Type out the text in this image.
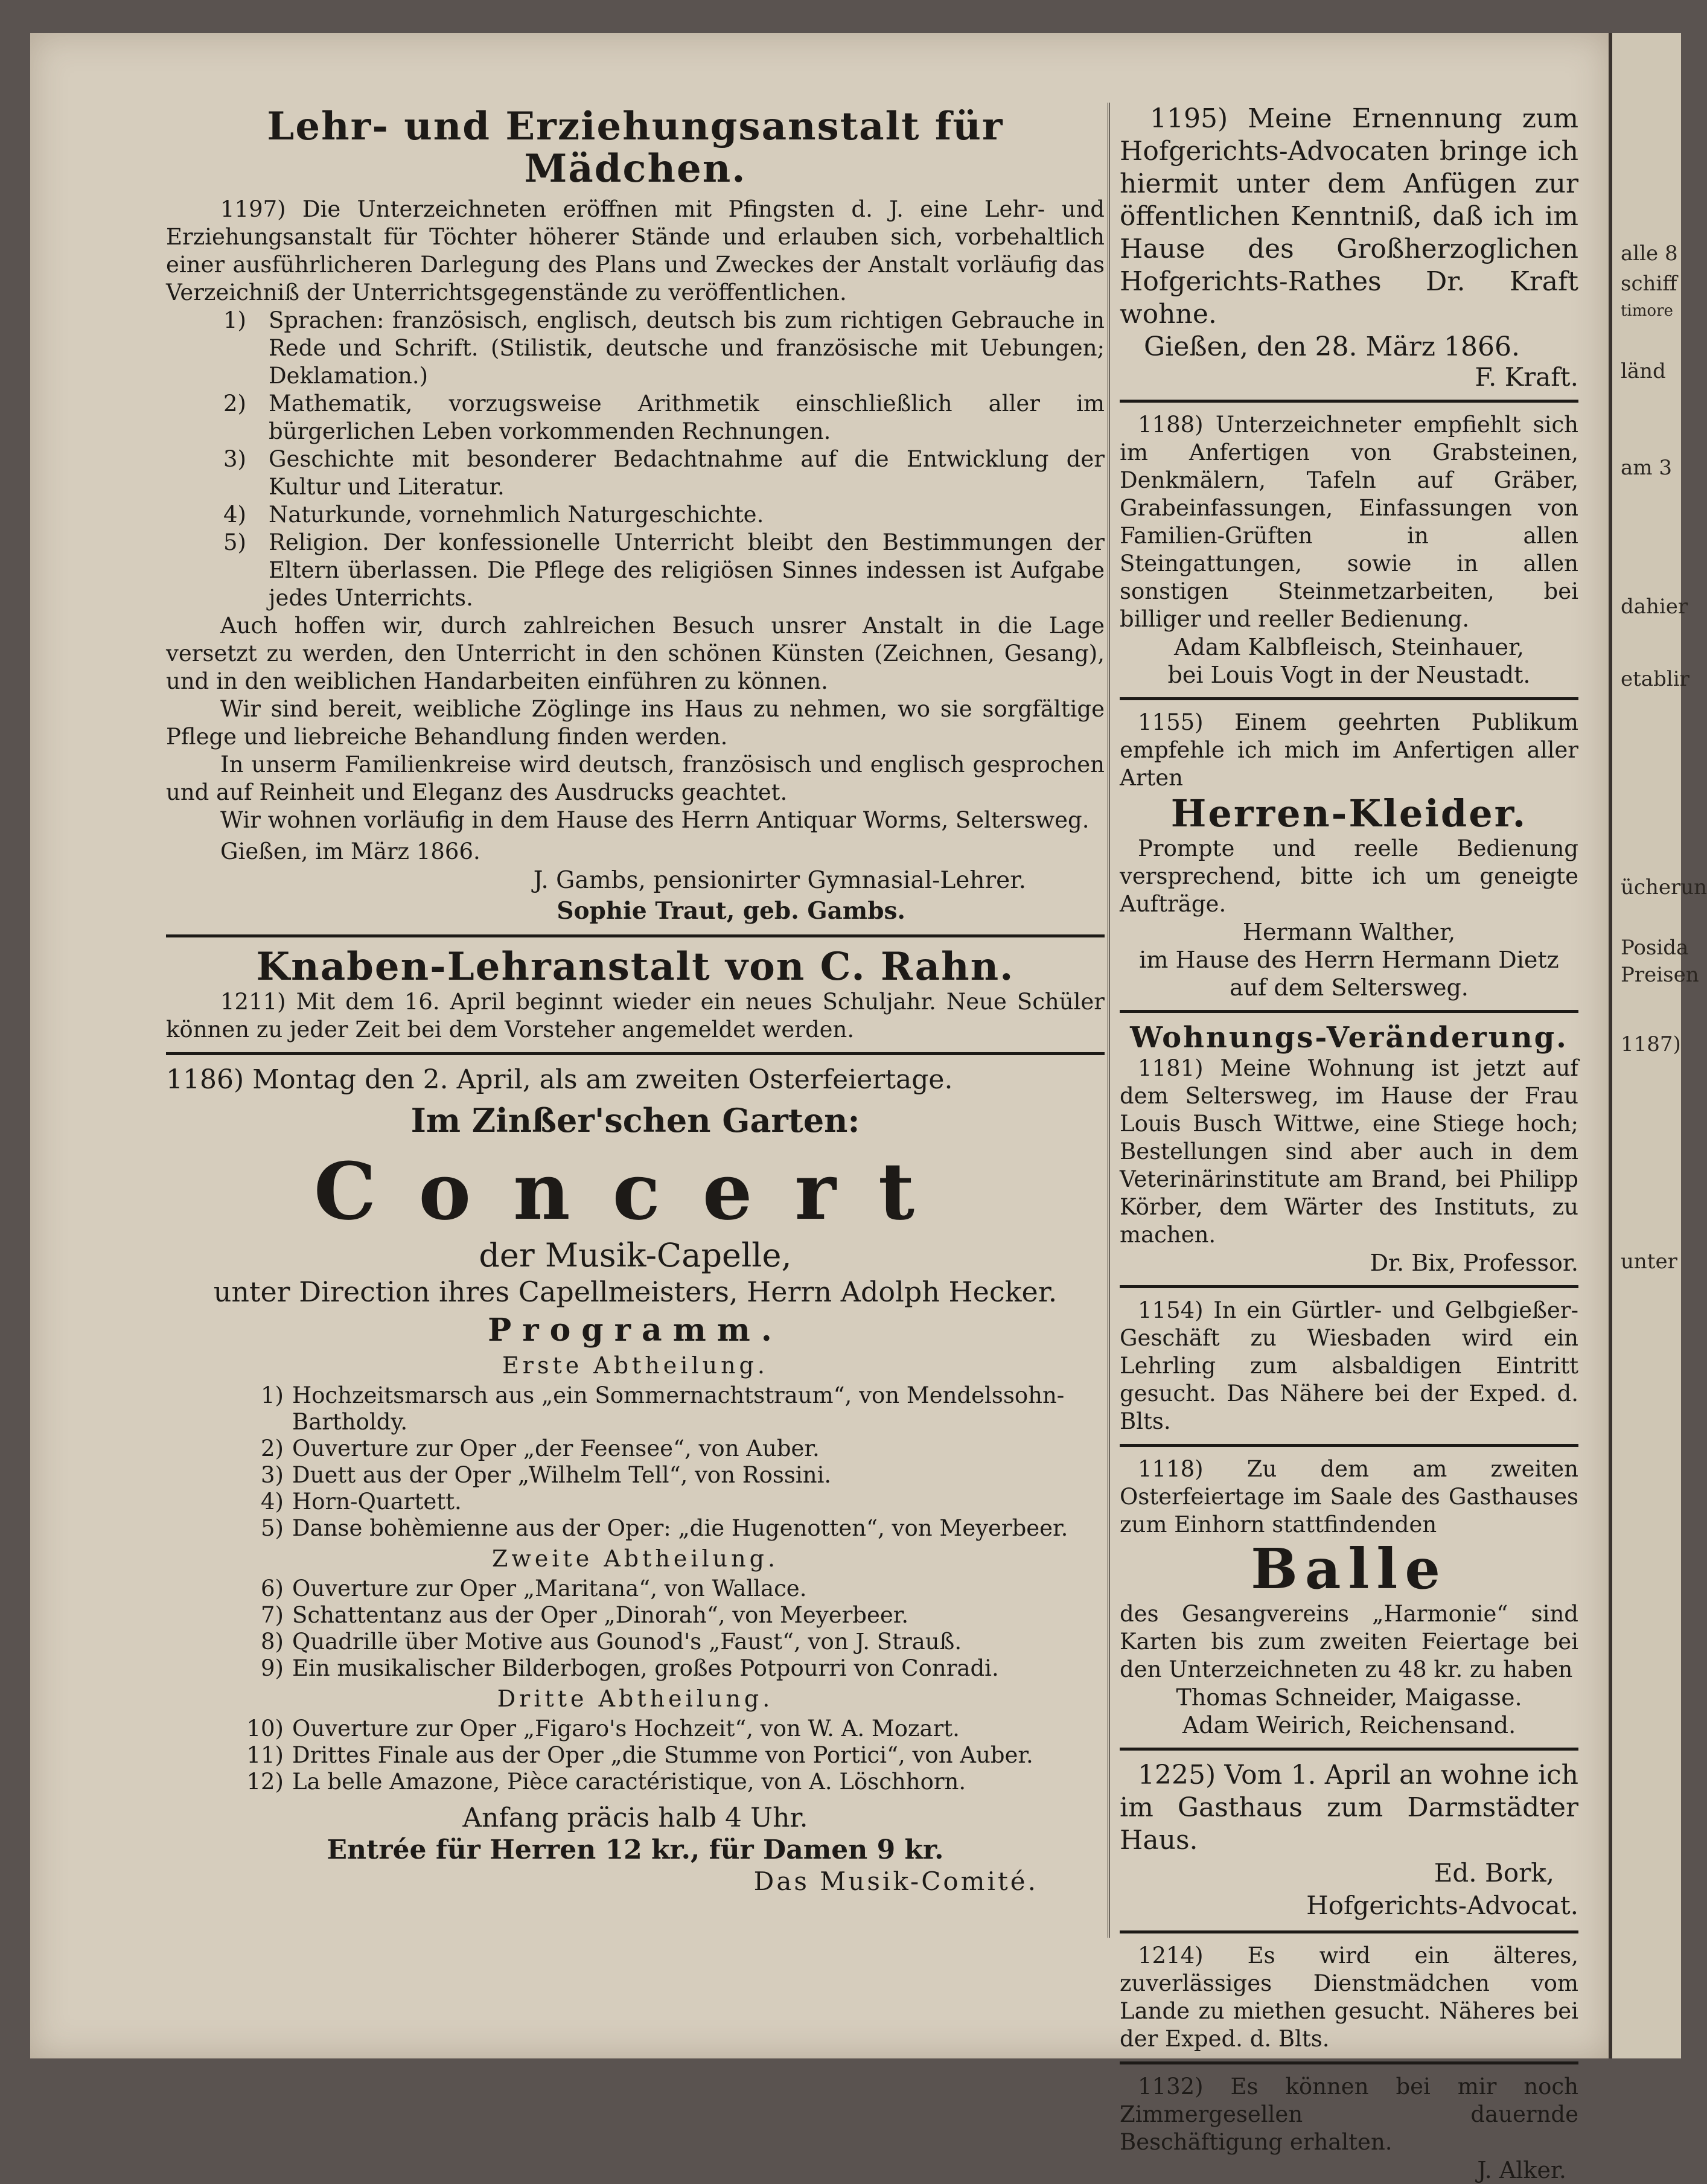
alle 8
schiff
timore
länd
am 3
dahier
etablir
ücherun
Posida
Preisen
1187)
unter

Lehr- und Erziehungsanstalt für Mädchen.

1197) Die Unterzeichneten eröffnen mit Pfingsten d. J. eine Lehr- und Erziehungsanstalt für Töchter höherer Stände und erlauben sich, vorbehaltlich einer ausführlicheren Darlegung des Plans und Zweckes der Anstalt vorläufig das Verzeichniß der Unterrichtsgegenstände zu veröffentlichen.

1)	Sprachen: französisch, englisch, deutsch bis zum richtigen Gebrauche in Rede und Schrift. (Stilistik, deutsche und französische mit Uebungen; Deklamation.)
2)	Mathematik, vorzugsweise Arithmetik einschließlich aller im bürgerlichen Leben vorkommenden Rechnungen.
3)	Geschichte mit besonderer Bedachtnahme auf die Entwicklung der Kultur und Literatur.
4)	Naturkunde, vornehmlich Naturgeschichte.
5)	Religion. Der konfessionelle Unterricht bleibt den Bestimmungen der Eltern überlassen. Die Pflege des religiösen Sinnes indessen ist Aufgabe jedes Unterrichts.

Auch hoffen wir, durch zahlreichen Besuch unsrer Anstalt in die Lage versetzt zu werden, den Unterricht in den schönen Künsten (Zeichnen, Gesang), und in den weiblichen Handarbeiten einführen zu können.

Wir sind bereit, weibliche Zöglinge ins Haus zu nehmen, wo sie sorgfältige Pflege und liebreiche Behandlung finden werden.

In unserm Familienkreise wird deutsch, französisch und englisch gesprochen und auf Reinheit und Eleganz des Ausdrucks geachtet.

Wir wohnen vorläufig in dem Hause des Herrn Antiquar Worms, Seltersweg.

Gießen, im März 1866.

J. Gambs, pensionirter Gymnasial-Lehrer.

Sophie Traut, geb. Gambs.

Knaben-Lehranstalt von C. Rahn.

1211) Mit dem 16. April beginnt wieder ein neues Schuljahr. Neue Schüler können zu jeder Zeit bei dem Vorsteher angemeldet werden.

1186) Montag den 2. April, als am zweiten Osterfeiertage.

Im Zinßer'schen Garten:

Concert

der Musik-Capelle,

unter Direction ihres Capellmeisters, Herrn Adolph Hecker.

Programm.

Erste Abtheilung.

1) Hochzeitsmarsch aus „ein Sommernachtstraum“, von Mendelssohn-Bartholdy.
2) Ouverture zur Oper „der Feensee“, von Auber.
3) Duett aus der Oper „Wilhelm Tell“, von Rossini.
4) Horn-Quartett.
5) Danse bohèmienne aus der Oper: „die Hugenotten“, von Meyerbeer.

Zweite Abtheilung.

6) Ouverture zur Oper „Maritana“, von Wallace.
7) Schattentanz aus der Oper „Dinorah“, von Meyerbeer.
8) Quadrille über Motive aus Gounod's „Faust“, von J. Strauß.
9) Ein musikalischer Bilderbogen, großes Potpourri von Conradi.

Dritte Abtheilung.

10) Ouverture zur Oper „Figaro's Hochzeit“, von W. A. Mozart.
11) Drittes Finale aus der Oper „die Stumme von Portici“, von Auber.
12) La belle Amazone, Pièce caractéristique, von A. Löschhorn.

Anfang präcis halb 4 Uhr.

Entrée für Herren 12 kr., für Damen 9 kr.

Das Musik-Comité.

1195) Meine Ernennung zum Hofgerichts-Advocaten bringe ich hiermit unter dem Anfügen zur öffentlichen Kenntniß, daß ich im Hause des Großherzoglichen Hofgerichts-Rathes Dr. Kraft wohne.

Gießen, den 28. März 1866.

F. Kraft.

1188) Unterzeichneter empfiehlt sich im Anfertigen von Grabsteinen, Denkmälern, Tafeln auf Gräber, Grabeinfassungen, Einfassungen von Familien-Grüften in allen Steingattungen, sowie in allen sonstigen Steinmetzarbeiten, bei billiger und reeller Bedienung.

Adam Kalbfleisch, Steinhauer,

bei Louis Vogt in der Neustadt.

1155) Einem geehrten Publikum empfehle ich mich im Anfertigen aller Arten

Herren-Kleider.

Prompte und reelle Bedienung versprechend, bitte ich um geneigte Aufträge.

Hermann Walther,

im Hause des Herrn Hermann Dietz

auf dem Seltersweg.

Wohnungs-Veränderung.

1181) Meine Wohnung ist jetzt auf dem Seltersweg, im Hause der Frau Louis Busch Wittwe, eine Stiege hoch; Bestellungen sind aber auch in dem Veterinärinstitute am Brand, bei Philipp Körber, dem Wärter des Instituts, zu machen.

Dr. Bix, Professor.

1154) In ein Gürtler- und Gelbgießer-Geschäft zu Wiesbaden wird ein Lehrling zum alsbaldigen Eintritt gesucht. Das Nähere bei der Exped. d. Blts.

1118) Zu dem am zweiten Osterfeiertage im Saale des Gasthauses zum Einhorn stattfindenden

Balle

des Gesangvereins „Harmonie“ sind Karten bis zum zweiten Feiertage bei den Unterzeichneten zu 48 kr. zu haben

Thomas Schneider, Maigasse.

Adam Weirich, Reichensand.

1225) Vom 1. April an wohne ich im Gasthaus zum Darmstädter Haus.

Ed. Bork,

Hofgerichts-Advocat.

1214) Es wird ein älteres, zuverlässiges Dienstmädchen vom Lande zu miethen gesucht. Näheres bei der Exped. d. Blts.

1132) Es können bei mir noch Zimmergesellen dauernde Beschäftigung erhalten.

J. Alker.
